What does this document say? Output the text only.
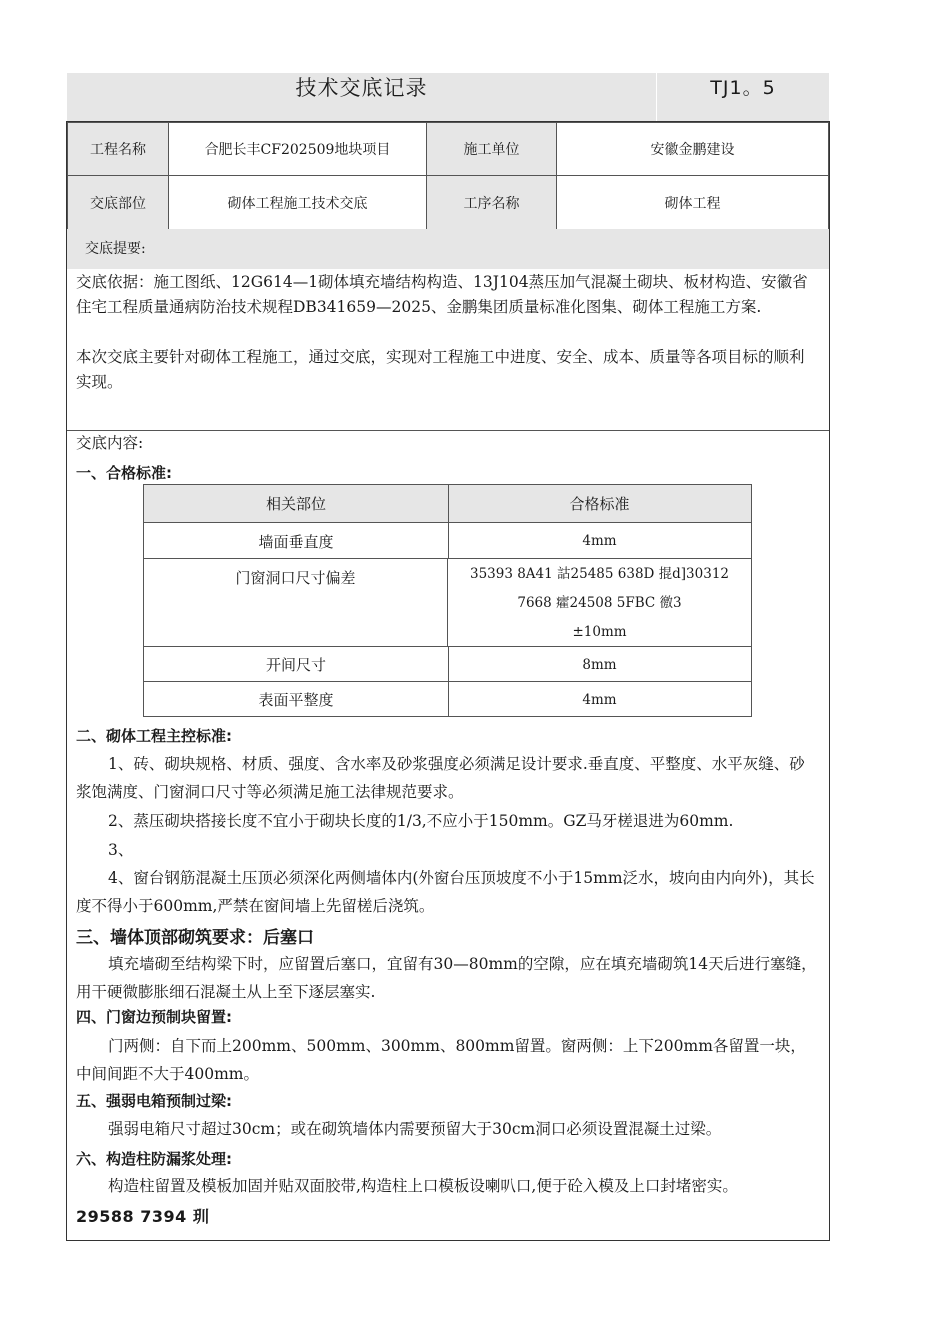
技术交底记录	TJ1。5
工程名称	合肥长丰CF202509地块项目	施工单位	安徽金鹏建设
交底部位	砌体工程施工技术交底	工序名称	砌体工程
交底提要:
交底依据：施工图纸、12G614—1砌体填充墙结构构造、13J104蒸压加气混凝土砌块、板材构造、安徽省住宅工程质量通病防治技术规程DB341659—2025、金鹏集团质量标准化图集、砌体工程施工方案.
本次交底主要针对砌体工程施工，通过交底，实现对工程施工中进度、安全、成本、质量等各项目标的顺利实现。
交底内容:
一、合格标准:
相关部位	合格标准
墙面垂直度	4mm
门窗洞口尺寸偏差	35393 8A41 詁25485 638D 掍d]30312
7668 癨24508 5FBC 徼3
±10mm
开间尺寸	8mm
表面平整度	4mm
二、砌体工程主控标准:
1、砖、砌块规格、材质、强度、含水率及砂浆强度必须满足设计要求.垂直度、平整度、水平灰缝、砂浆饱满度、门窗洞口尺寸等必须满足施工法律规范要求。
2、蒸压砌块搭接长度不宜小于砌块长度的1/3,不应小于150mm。GZ马牙槎退进为60mm.
3、
4、窗台钢筋混凝土压顶必须深化两侧墙体内(外窗台压顶坡度不小于15mm泛水，坡向由内向外)，其长度不得小于600mm,严禁在窗间墙上先留槎后浇筑。
三、墙体顶部砌筑要求：后塞口
填充墙砌至结构梁下时，应留置后塞口，宜留有30—80mm的空隙，应在填充墙砌筑14天后进行塞缝，用干硬微膨胀细石混凝土从上至下逐层塞实.
四、门窗边预制块留置:
门两侧：自下而上200mm、500mm、300mm、800mm留置。窗两侧：上下200mm各留置一块，中间间距不大于400mm。
五、强弱电箱预制过梁:
强弱电箱尺寸超过30cm；或在砌筑墙体内需要预留大于30cm洞口必须设置混凝土过梁。
六、构造柱防漏浆处理:
构造柱留置及模板加固并贴双面胶带,构造柱上口模板设喇叭口,便于砼入模及上口封堵密实。
29588 7394 玔
